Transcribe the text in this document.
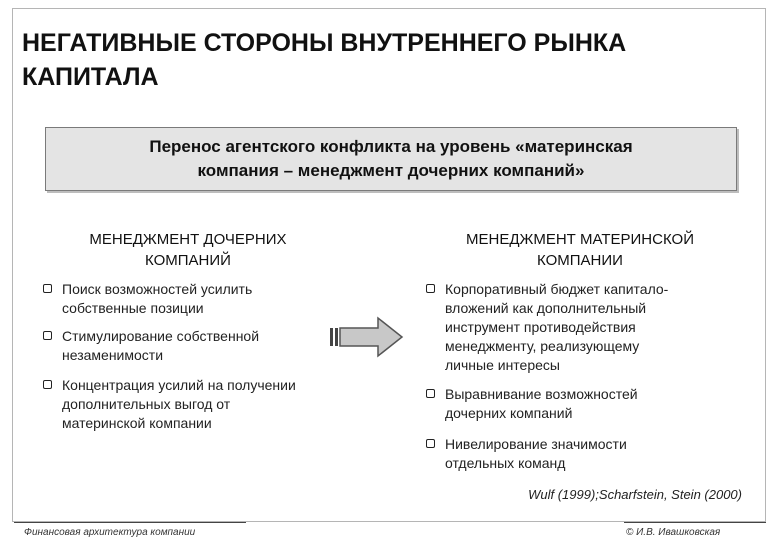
НЕГАТИВНЫЕ СТОРОНЫ ВНУТРЕННЕГО РЫНКА КАПИТАЛА
Перенос агентского конфликта на уровень «материнская
компания – менеджмент дочерних компаний»
МЕНЕДЖМЕНТ ДОЧЕРНИХ
КОМПАНИЙ
МЕНЕДЖМЕНТ МАТЕРИНСКОЙ
КОМПАНИИ
Поиск возможностей усилить
собственные позиции
Стимулирование собственной
незаменимости
Концентрация усилий на получении
дополнительных выгод от
материнской компании
Корпоративный бюджет капитало-
вложений как дополнительный
инструмент противодействия
менеджменту, реализующему
личные интересы
Выравнивание возможностей
дочерних компаний
Нивелирование значимости
отдельных команд
Wulf (1999);Scharfstein, Stein (2000)
Финансовая архитектура компании	© И.В. Ивашковская
